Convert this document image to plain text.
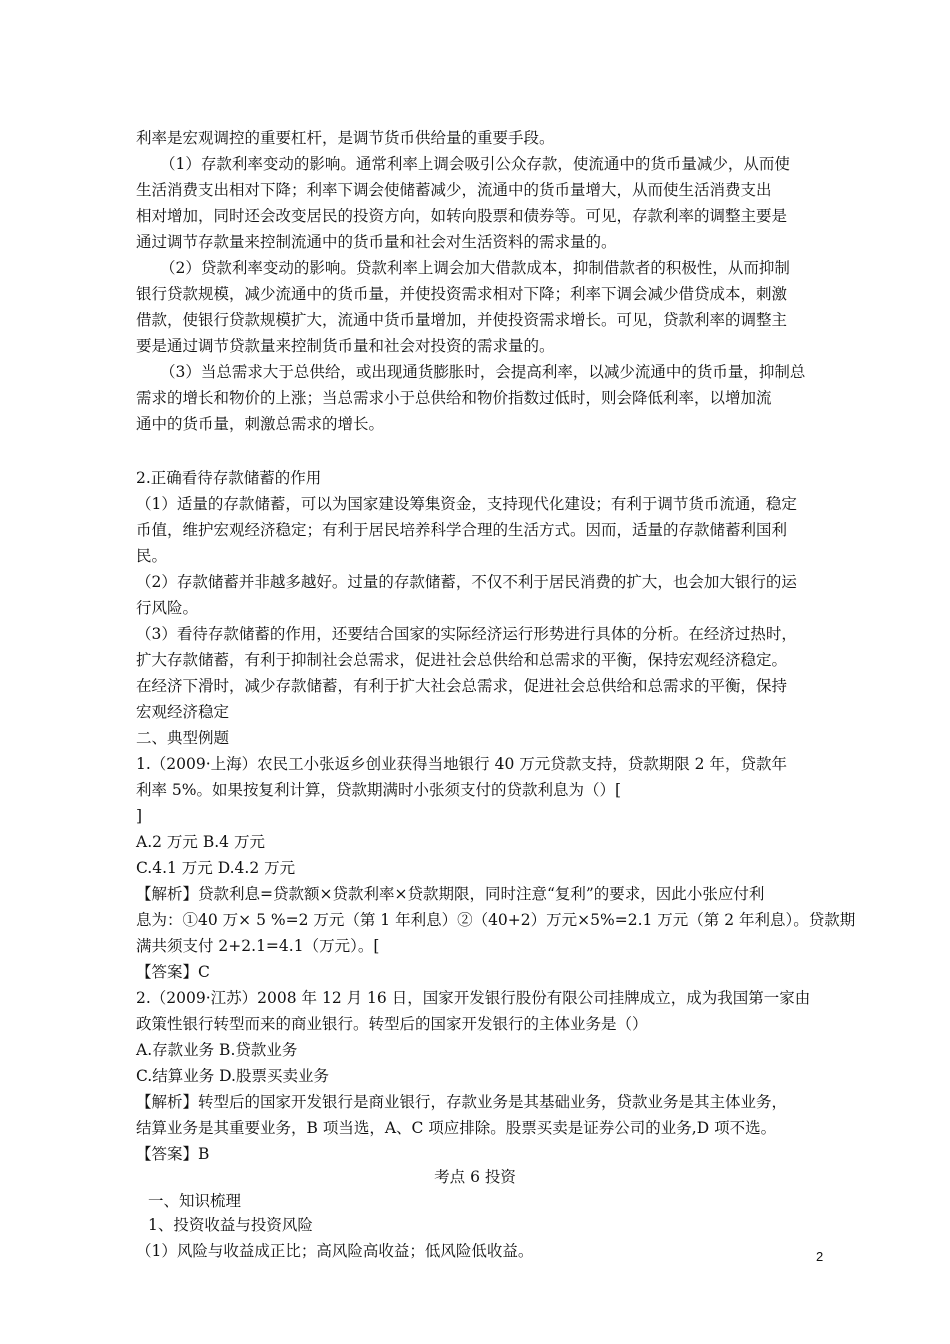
利率是宏观调控的重要杠杆，是调节货币供给量的重要手段。
（1）存款利率变动的影响。通常利率上调会吸引公众存款，使流通中的货币量减少，从而使
生活消费支出相对下降；利率下调会使储蓄减少，流通中的货币量增大，从而使生活消费支出
相对增加，同时还会改变居民的投资方向，如转向股票和债券等。可见，存款利率的调整主要是
通过调节存款量来控制流通中的货币量和社会对生活资料的需求量的。
（2）贷款利率变动的影响。贷款利率上调会加大借款成本，抑制借款者的积极性，从而抑制
银行贷款规模，减少流通中的货币量，并使投资需求相对下降；利率下调会减少借贷成本，刺激
借款，使银行贷款规模扩大，流通中货币量增加，并使投资需求增长。可见，贷款利率的调整主
要是通过调节贷款量来控制货币量和社会对投资的需求量的。
（3）当总需求大于总供给，或出现通货膨胀时，会提高利率，以减少流通中的货币量，抑制总
需求的增长和物价的上涨；当总需求小于总供给和物价指数过低时，则会降低利率，以增加流
通中的货币量，刺激总需求的增长。
2.正确看待存款储蓄的作用
（1）适量的存款储蓄，可以为国家建设筹集资金，支持现代化建设；有利于调节货币流通，稳定
币值，维护宏观经济稳定；有利于居民培养科学合理的生活方式。因而，适量的存款储蓄利国利
民。
（2）存款储蓄并非越多越好。过量的存款储蓄，不仅不利于居民消费的扩大，也会加大银行的运
行风险。
（3）看待存款储蓄的作用，还要结合国家的实际经济运行形势进行具体的分析。在经济过热时，
扩大存款储蓄，有利于抑制社会总需求，促进社会总供给和总需求的平衡，保持宏观经济稳定。
在经济下滑时，减少存款储蓄，有利于扩大社会总需求，促进社会总供给和总需求的平衡，保持
宏观经济稳定
二、典型例题
1.（2009·上海）农民工小张返乡创业获得当地银行 40 万元贷款支持，贷款期限 2 年，贷款年
利率 5%。如果按复利计算，贷款期满时小张须支付的贷款利息为（）[
]
A.2 万元 B.4 万元
C.4.1 万元 D.4.2 万元
【解析】贷款利息=贷款额×贷款利率×贷款期限，同时注意“复利”的要求，因此小张应付利
息为：①40 万× 5 %=2 万元（第 1 年利息）②（40+2）万元×5%=2.1 万元（第 2 年利息）。贷款期
满共须支付 2+2.1=4.1（万元）。[
【答案】C
2.（2009·江苏）2008 年 12 月 16 日，国家开发银行股份有限公司挂牌成立，成为我国第一家由
政策性银行转型而来的商业银行。转型后的国家开发银行的主体业务是（）
A.存款业务 B.贷款业务
C.结算业务 D.股票买卖业务
【解析】转型后的国家开发银行是商业银行，存款业务是其基础业务，贷款业务是其主体业务，
结算业务是其重要业务，B 项当选，A、C 项应排除。股票买卖是证券公司的业务,D 项不选。
【答案】B
考点 6 投资
一、知识梳理
1、投资收益与投资风险
（1）风险与收益成正比；高风险高收益；低风险低收益。	2
